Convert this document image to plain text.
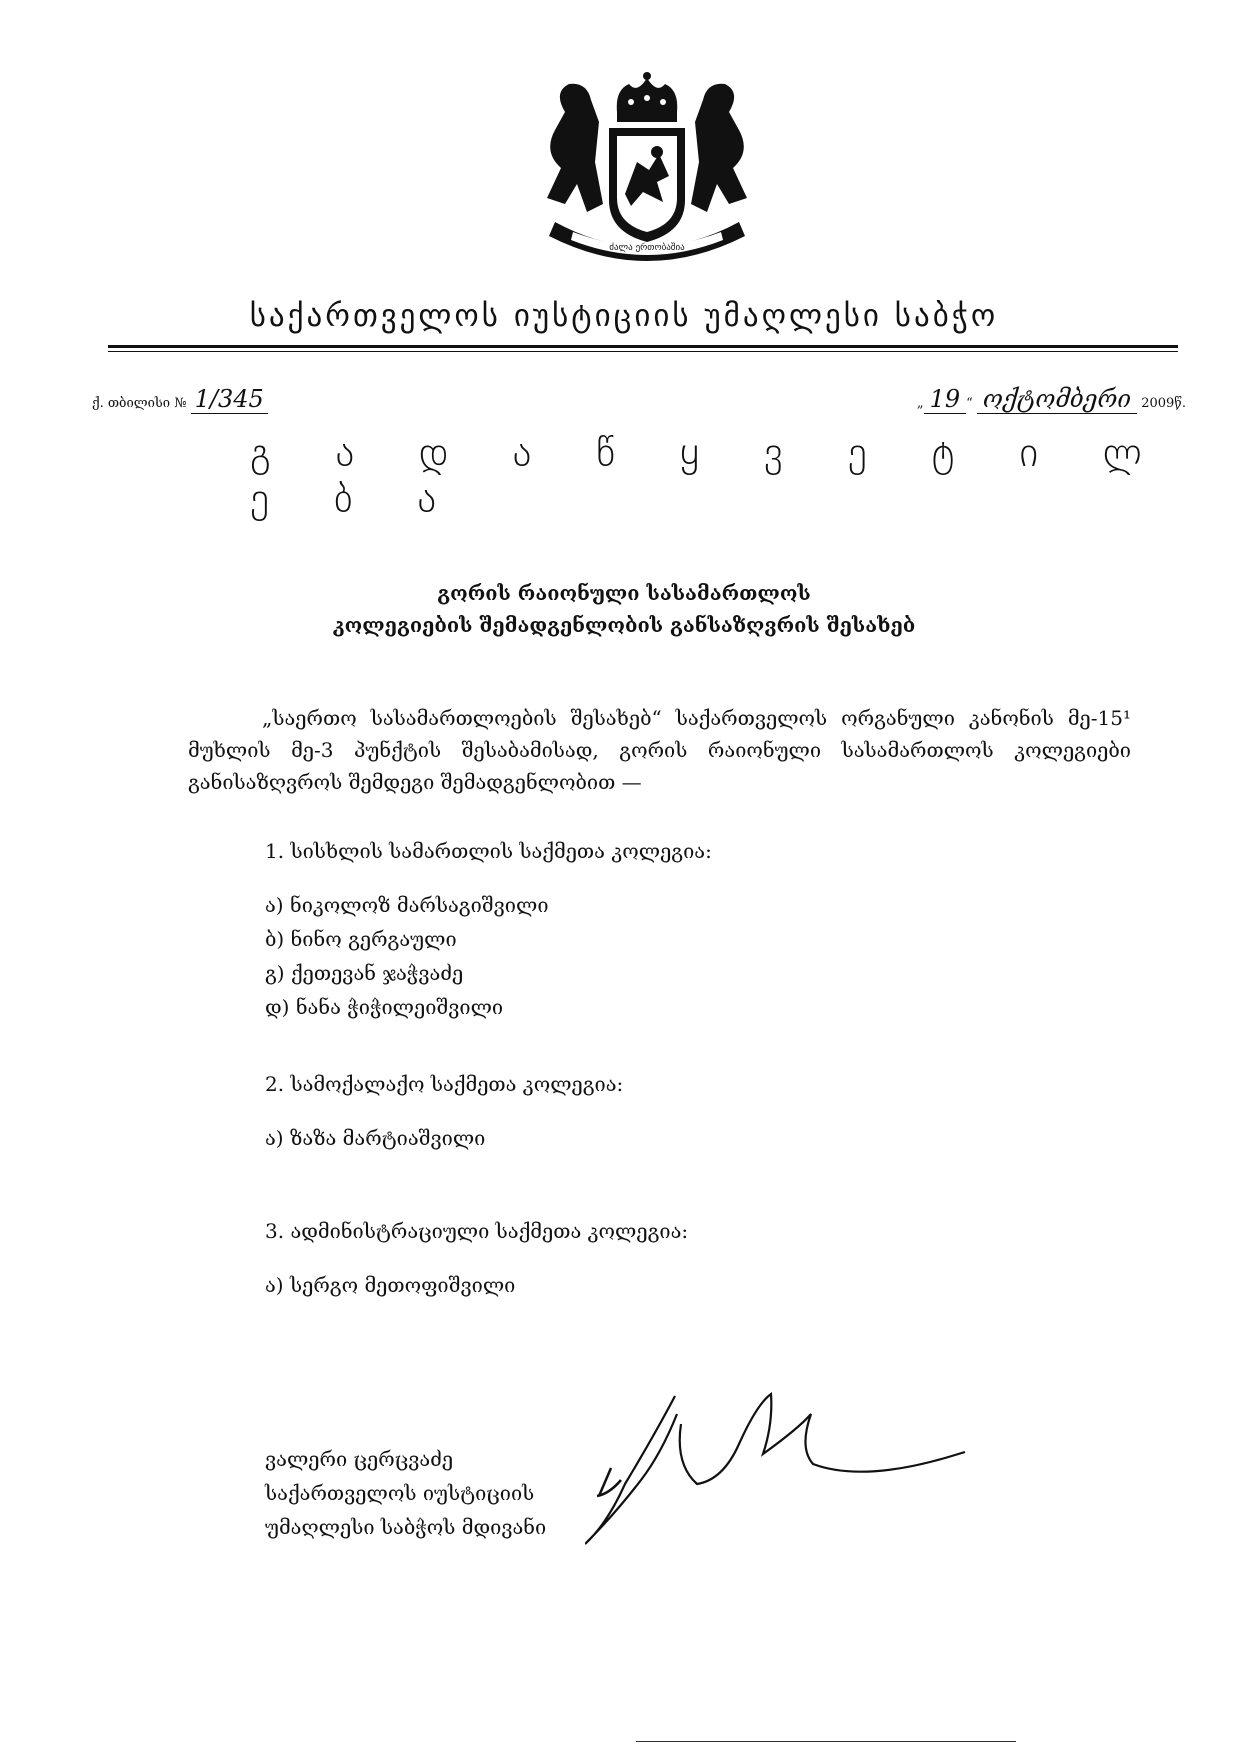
ძალა ერთობაშია
საქართველოს იუსტიციის უმაღლესი საბჭო
ქ. თბილისი № 1/345	„ 19 “ ოქტომბერი 2009წ.
გ ა დ ა წ ყ ვ ე ტ ი ლ ე ბ ა
გორის რაიონული სასამართლოს
კოლეგიების შემადგენლობის განსაზღვრის შესახებ
„საერთო სასამართლოების შესახებ“ საქართველოს ორგანული კანონის მე-15¹ მუხლის მე-3 პუნქტის შესაბამისად, გორის რაიონული სასამართლოს კოლეგიები განისაზღვროს შემდეგი შემადგენლობით —
1. სისხლის სამართლის საქმეთა კოლეგია:
ა) ნიკოლოზ მარსაგიშვილი
ბ) ნინო გერგაული
გ) ქეთევან ჯაჭვაძე
დ) ნანა ჭიჭილეიშვილი
2. სამოქალაქო საქმეთა კოლეგია:
ა) ზაზა მარტიაშვილი
3. ადმინისტრაციული საქმეთა კოლეგია:
ა) სერგო მეთოფიშვილი
ვალერი ცერცვაძე
საქართველოს იუსტიციის
უმაღლესი საბჭოს მდივანი
